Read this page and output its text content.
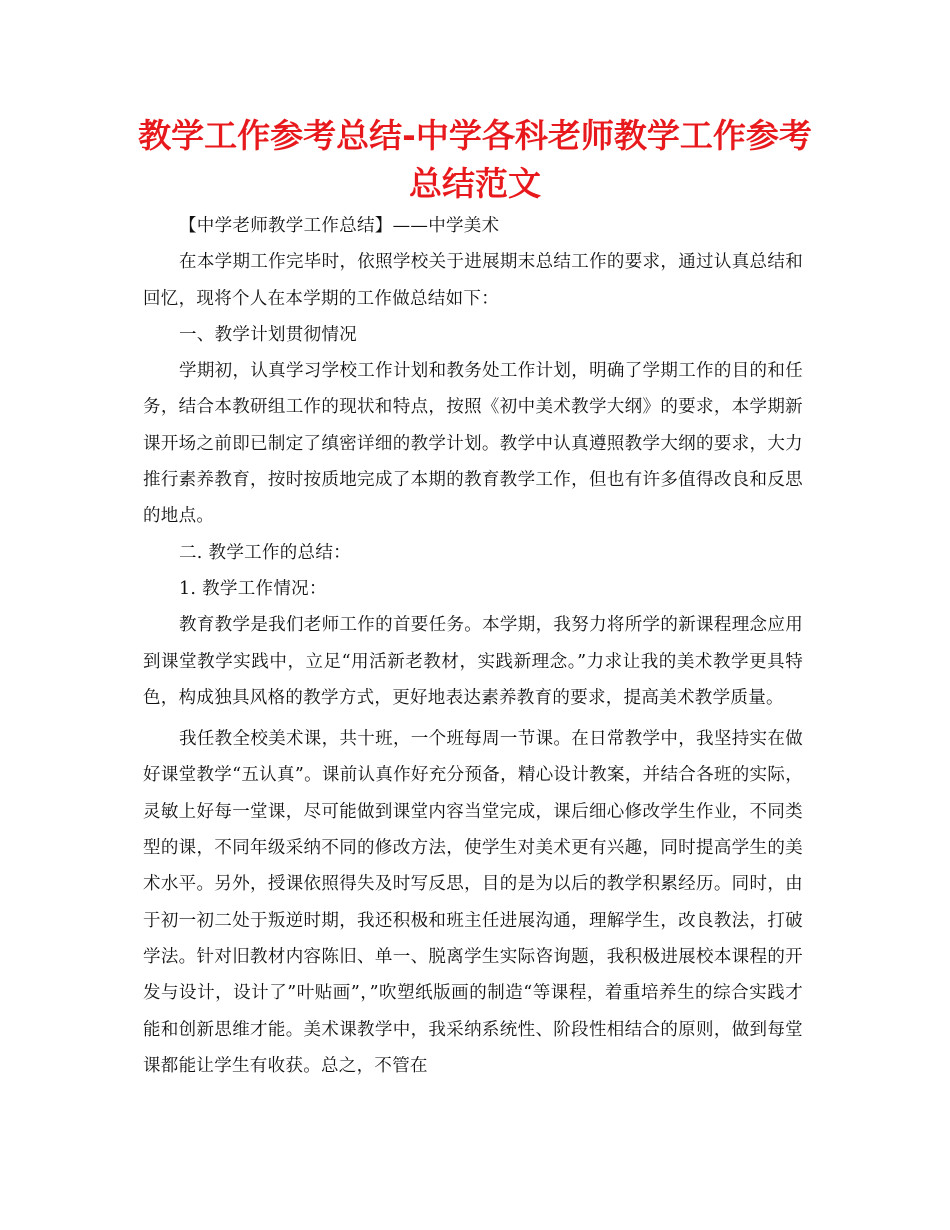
教学工作参考总结-中学各科老师教学工作参考总结范文

【中学老师教学工作总结】——中学美术

在本学期工作完毕时，依照学校关于进展期末总结工作的要求，通过认真总结和回忆，现将个人在本学期的工作做总结如下：

一、教学计划贯彻情况

学期初，认真学习学校工作计划和教务处工作计划，明确了学期工作的目的和任务，结合本教研组工作的现状和特点，按照《初中美术教学大纲》的要求，本学期新课开场之前即已制定了缜密详细的教学计划。教学中认真遵照教学大纲的要求，大力推行素养教育，按时按质地完成了本期的教育教学工作，但也有许多值得改良和反思的地点。

二. 教学工作的总结：

1. 教学工作情况：

教育教学是我们老师工作的首要任务。本学期，我努力将所学的新课程理念应用到课堂教学实践中，立足“用活新老教材，实践新理念。”力求让我的美术教学更具特色，构成独具风格的教学方式，更好地表达素养教育的要求，提高美术教学质量。

我任教全校美术课，共十班，一个班每周一节课。在日常教学中，我坚持实在做好课堂教学“五认真”。课前认真作好充分预备，精心设计教案，并结合各班的实际，灵敏上好每一堂课，尽可能做到课堂内容当堂完成，课后细心修改学生作业，不同类型的课，不同年级采纳不同的修改方法，使学生对美术更有兴趣，同时提高学生的美术水平。另外，授课依照得失及时写反思，目的是为以后的教学积累经历。同时，由于初一初二处于叛逆时期，我还积极和班主任进展沟通，理解学生，改良教法，打破学法。针对旧教材内容陈旧、单一、脱离学生实际咨询题，我积极进展校本课程的开发与设计，设计了”叶贴画”，”吹塑纸版画的制造“等课程，着重培养生的综合实践才能和创新思维才能。美术课教学中，我采纳系统性、阶段性相结合的原则，做到每堂课都能让学生有收获。总之，不管在
